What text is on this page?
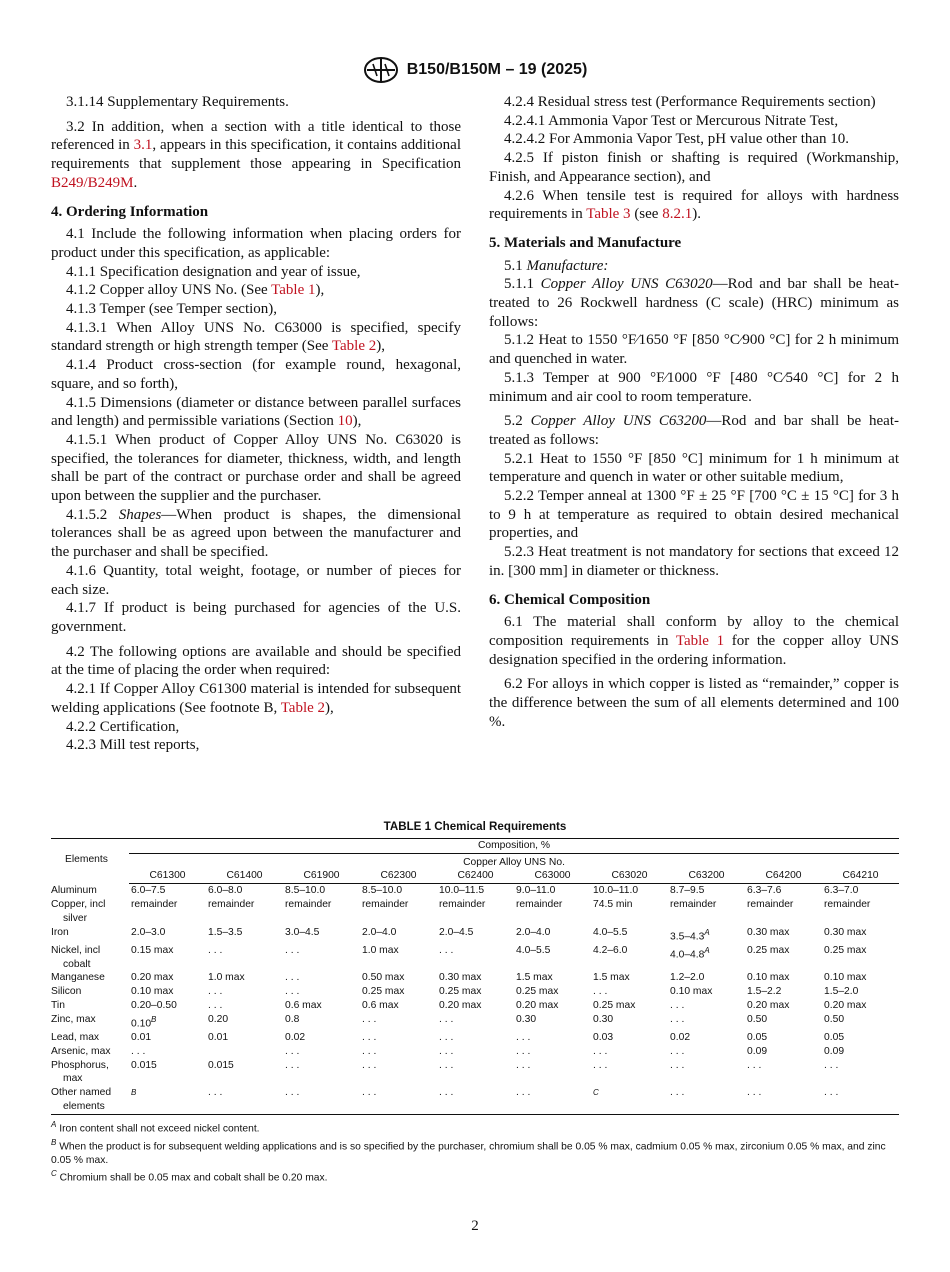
B150/B150M – 19 (2025)

3.1.14 Supplementary Requirements.

3.2 In addition, when a section with a title identical to those referenced in 3.1, appears in this specification, it contains additional requirements that supplement those appearing in Specification B249/B249M.

4. Ordering Information

4.1 Include the following information when placing orders for product under this specification, as applicable:

4.1.1 Specification designation and year of issue,

4.1.2 Copper alloy UNS No. (See Table 1),

4.1.3 Temper (see Temper section),

4.1.3.1 When Alloy UNS No. C63000 is specified, specify standard strength or high strength temper (See Table 2),

4.1.4 Product cross-section (for example round, hexagonal, square, and so forth),

4.1.5 Dimensions (diameter or distance between parallel surfaces and length) and permissible variations (Section 10),

4.1.5.1 When product of Copper Alloy UNS No. C63020 is specified, the tolerances for diameter, thickness, width, and length shall be part of the contract or purchase order and shall be agreed upon between the supplier and the purchaser.

4.1.5.2 Shapes—When product is shapes, the dimensional tolerances shall be as agreed upon between the manufacturer and the purchaser and shall be specified.

4.1.6 Quantity, total weight, footage, or number of pieces for each size.

4.1.7 If product is being purchased for agencies of the U.S. government.

4.2 The following options are available and should be specified at the time of placing the order when required:

4.2.1 If Copper Alloy C61300 material is intended for subsequent welding applications (See footnote B, Table 2),

4.2.2 Certification,

4.2.3 Mill test reports,

4.2.4 Residual stress test (Performance Requirements section)

4.2.4.1 Ammonia Vapor Test or Mercurous Nitrate Test,

4.2.4.2 For Ammonia Vapor Test, pH value other than 10.

4.2.5 If piston finish or shafting is required (Workmanship, Finish, and Appearance section), and

4.2.6 When tensile test is required for alloys with hardness requirements in Table 3 (see 8.2.1).

5. Materials and Manufacture

5.1 Manufacture:

5.1.1 Copper Alloy UNS C63020—Rod and bar shall be heat-treated to 26 Rockwell hardness (C scale) (HRC) minimum as follows:

5.1.2 Heat to 1550 °F⁄1650 °F [850 °C⁄900 °C] for 2 h minimum and quenched in water.

5.1.3 Temper at 900 °F⁄1000 °F [480 °C⁄540 °C] for 2 h minimum and air cool to room temperature.

5.2 Copper Alloy UNS C63200—Rod and bar shall be heat-treated as follows:

5.2.1 Heat to 1550 °F [850 °C] minimum for 1 h minimum at temperature and quench in water or other suitable medium,

5.2.2 Temper anneal at 1300 °F ± 25 °F [700 °C ± 15 °C] for 3 h to 9 h at temperature as required to obtain desired mechanical properties, and

5.2.3 Heat treatment is not mandatory for sections that exceed 12 in. [300 mm] in diameter or thickness.

6. Chemical Composition

6.1 The material shall conform by alloy to the chemical composition requirements in Table 1 for the copper alloy UNS designation specified in the ordering information.

6.2 For alloys in which copper is listed as “remainder,” copper is the difference between the sum of all elements determined and 100 %.

TABLE 1 Chemical Requirements
Elements	Composition, %									
	Copper Alloy UNS No.									
	C61300	C61400	C61900	C62300	C62400	C63000	C63020	C63200	C64200	C64210
Aluminum	6.0–7.5	6.0–8.0	8.5–10.0	8.5–10.0	10.0–11.5	9.0–11.0	10.0–11.0	8.7–9.5	6.3–7.6	6.3–7.0
Copper, incl
silver	remainder	remainder	remainder	remainder	remainder	remainder	74.5 min	remainder	remainder	remainder
Iron	2.0–3.0	1.5–3.5	3.0–4.5	2.0–4.0	2.0–4.5	2.0–4.0	4.0–5.5	$3.5-4.3^A$	0.30 max	0.30 max
Nickel, incl
cobalt	0.15 max	. . .	. . .	1.0 max	. . .	4.0–5.5	4.2–6.0	$4.0-4.8^A$	0.25 max	0.25 max
Manganese	0.20 max	1.0 max	. . .	0.50 max	0.30 max	1.5 max	1.5 max	1.2–2.0	0.10 max	0.10 max
Silicon	0.10 max	. . .	. . .	0.25 max	0.25 max	0.25 max	. . .	0.10 max	1.5–2.2	1.5–2.0
Tin	0.20–0.50	. . .	0.6 max	0.6 max	0.20 max	0.20 max	0.25 max	. . .	0.20 max	0.20 max
Zinc, max	$0.10^B$	0.20	0.8	. . .	. . .	0.30	0.30	. . .	0.50	0.50
Lead, max	0.01	0.01	0.02	. . .	. . .	. . .	0.03	0.02	0.05	0.05
Arsenic, max	. . .		. . .	. . .	. . .	. . .	. . .	. . .	0.09	0.09
Phosphorus,
max	0.015	0.015	. . .	. . .	. . .	. . .	. . .	. . .	. . .	. . .
Other named
elements	$^B$	. . .	. . .	. . .	. . .	. . .	$^C$	. . .	. . .	. . .
$^A$ Iron content shall not exceed nickel content.
$^B$ When the product is for subsequent welding applications and is so specified by the purchaser, chromium shall be 0.05 % max, cadmium 0.05 % max, zirconium 0.05 % max, and zinc 0.05 % max.
$^C$ Chromium shall be 0.05 max and cobalt shall be 0.20 max.
2
